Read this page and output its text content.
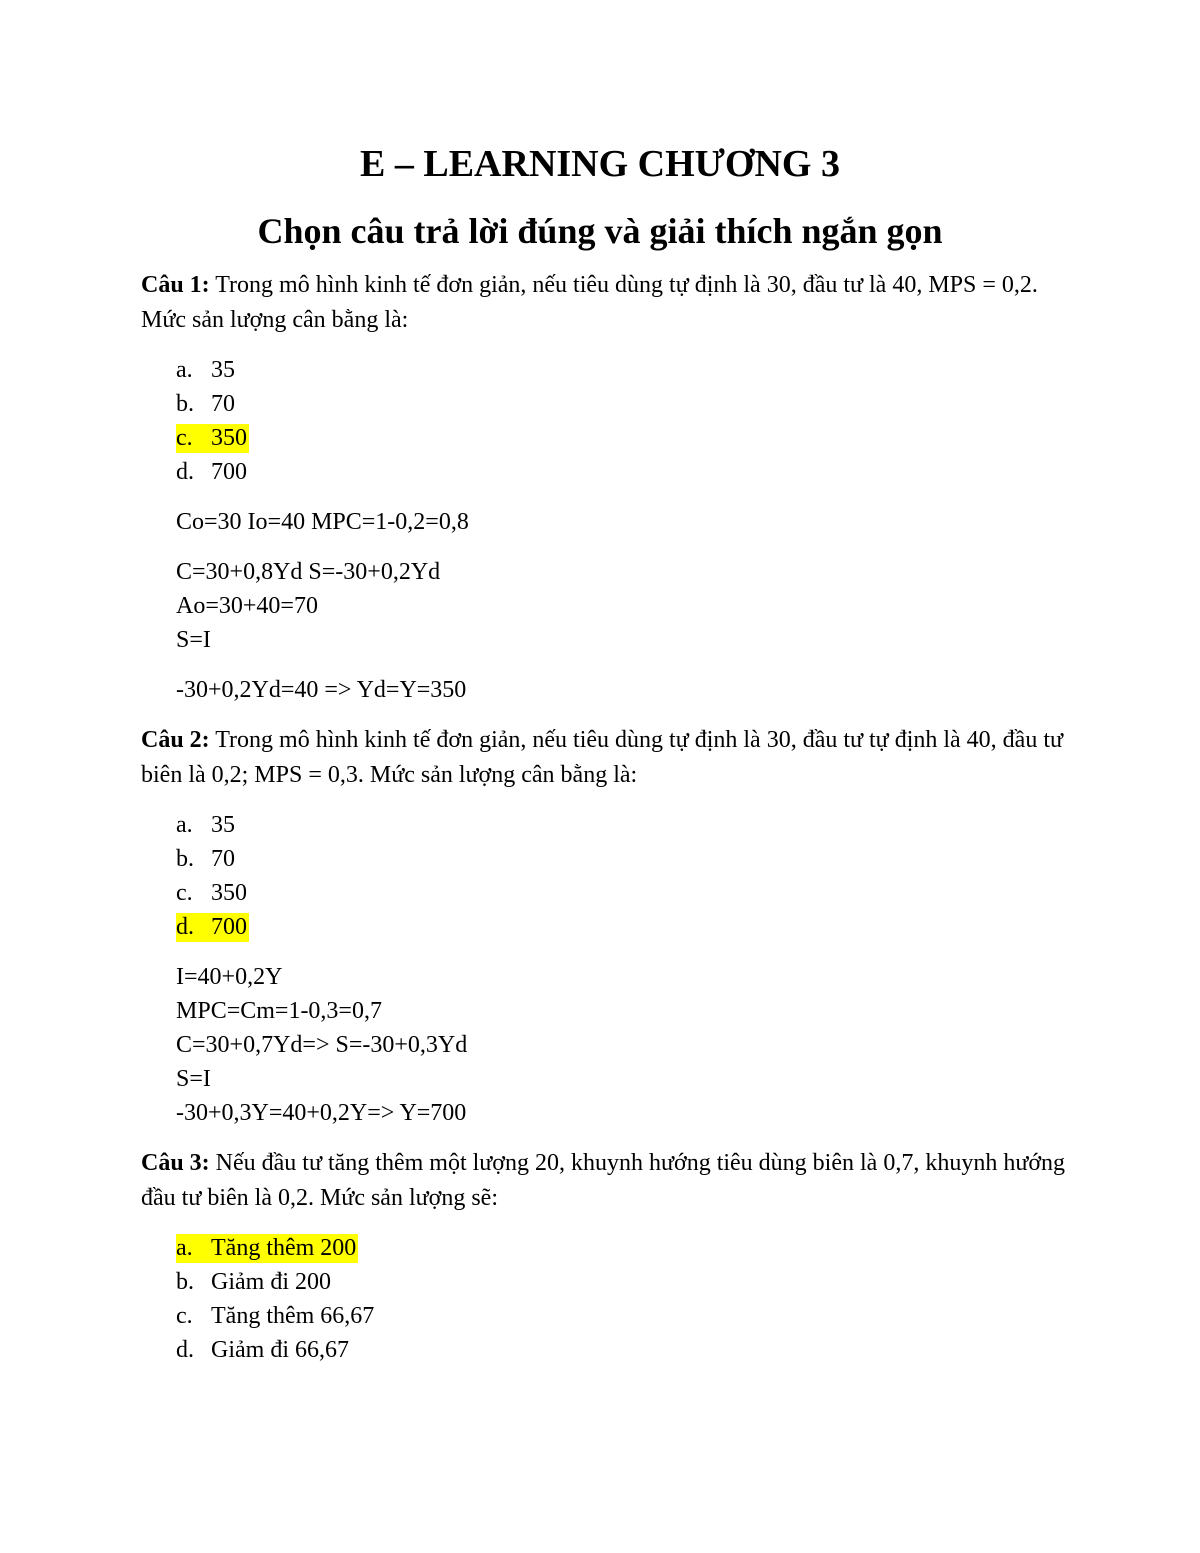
E – LEARNING CHƯƠNG 3
Chọn câu trả lời đúng và giải thích ngắn gọn

Câu 1: Trong mô hình kinh tế đơn giản, nếu tiêu dùng tự định là 30, đầu tư là 40, MPS = 0,2. Mức sản lượng cân bằng là:

a. 35
b. 70
c. 350
d. 700
Co=30 Io=40 MPC=1-0,2=0,8
C=30+0,8Yd S=-30+0,2Yd
Ao=30+40=70
S=I
-30+0,2Yd=40 => Yd=Y=350

Câu 2: Trong mô hình kinh tế đơn giản, nếu tiêu dùng tự định là 30, đầu tư tự định là 40, đầu tư biên là 0,2; MPS = 0,3. Mức sản lượng cân bằng là:

a. 35
b. 70
c. 350
d. 700
I=40+0,2Y
MPC=Cm=1-0,3=0,7
C=30+0,7Yd=> S=-30+0,3Yd
S=I
-30+0,3Y=40+0,2Y=> Y=700

Câu 3: Nếu đầu tư tăng thêm một lượng 20, khuynh hướng tiêu dùng biên là 0,7, khuynh hướng đầu tư biên là 0,2. Mức sản lượng sẽ:

a. Tăng thêm 200
b. Giảm đi 200
c. Tăng thêm 66,67
d. Giảm đi 66,67
